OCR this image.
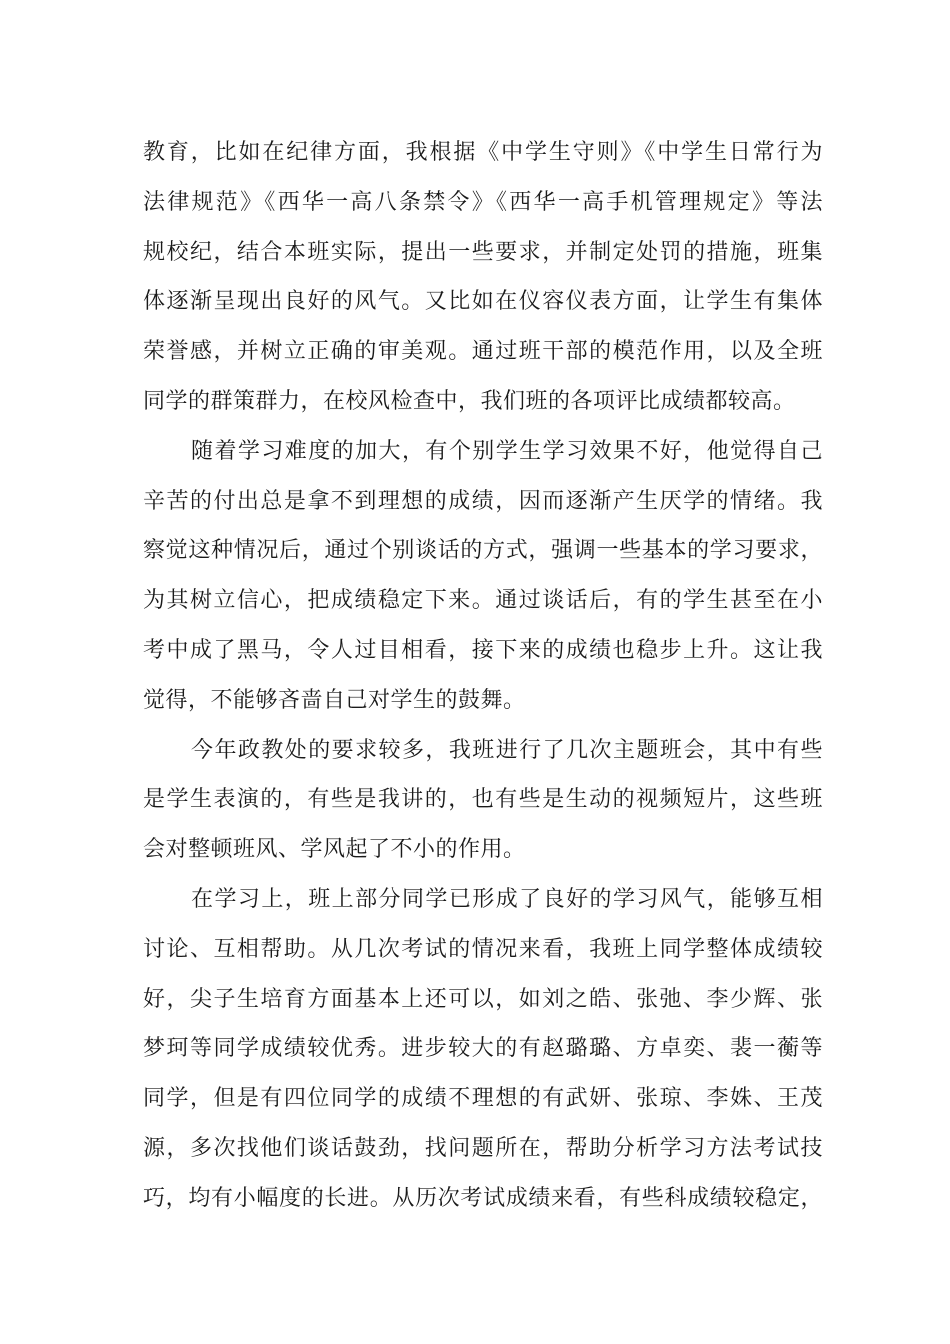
教育，比如在纪律方面，我根据《中学生守则》《中学生日常行为
法律规范》《西华一高八条禁令》《西华一高手机管理规定》等法
规校纪，结合本班实际，提出一些要求，并制定处罚的措施，班集
体逐渐呈现出良好的风气。又比如在仪容仪表方面，让学生有集体
荣誉感，并树立正确的审美观。通过班干部的模范作用，以及全班
同学的群策群力，在校风检查中，我们班的各项评比成绩都较高。
随着学习难度的加大，有个别学生学习效果不好，他觉得自己
辛苦的付出总是拿不到理想的成绩，因而逐渐产生厌学的情绪。我
察觉这种情况后，通过个别谈话的方式，强调一些基本的学习要求，
为其树立信心，把成绩稳定下来。通过谈话后，有的学生甚至在小
考中成了黑马，令人过目相看，接下来的成绩也稳步上升。这让我
觉得，不能够吝啬自己对学生的鼓舞。
今年政教处的要求较多，我班进行了几次主题班会，其中有些
是学生表演的，有些是我讲的，也有些是生动的视频短片，这些班
会对整顿班风、学风起了不小的作用。
在学习上，班上部分同学已形成了良好的学习风气，能够互相
讨论、互相帮助。从几次考试的情况来看，我班上同学整体成绩较
好，尖子生培育方面基本上还可以，如刘之皓、张弛、李少辉、张
梦珂等同学成绩较优秀。进步较大的有赵璐璐、方卓奕、裴一蘅等
同学，但是有四位同学的成绩不理想的有武妍、张琼、李姝、王茂
源，多次找他们谈话鼓劲，找问题所在，帮助分析学习方法考试技
巧，均有小幅度的长进。从历次考试成绩来看，有些科成绩较稳定，
